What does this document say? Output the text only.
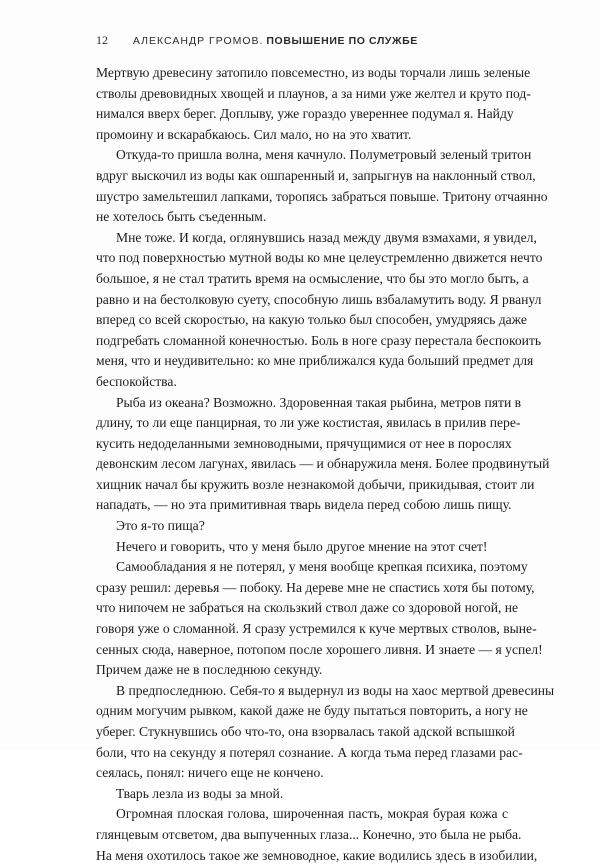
12 АЛЕКСАНДР ГРОМОВ. ПОВЫШЕНИЕ ПО СЛУЖБЕ
Мертвую древесину затопило повсеместно, из воды торчали лишь зеленые
стволы древовидных хвощей и плаунов, а за ними уже желтел и круто под-
нимался вверх берег. Доплыву, уже гораздо увереннее подумал я. Найду
промоину и вскарабкаюсь. Сил мало, но на это хватит.
Откуда-то пришла волна, меня качнуло. Полуметровый зеленый тритон
вдруг выскочил из воды как ошпаренный и, запрыгнув на наклонный ствол,
шустро замельтешил лапками, торопясь забраться повыше. Тритону отчаянно
не хотелось быть съеденным.
Мне тоже. И когда, оглянувшись назад между двумя взмахами, я увидел,
что под поверхностью мутной воды ко мне целеустремленно движется нечто
большое, я не стал тратить время на осмысление, что бы это могло быть, а
равно и на бестолковую суету, способную лишь взбаламутить воду. Я рванул
вперед со всей скоростью, на какую только был способен, умудряясь даже
подгребать сломанной конечностью. Боль в ноге сразу перестала беспокоить
меня, что и неудивительно: ко мне приближался куда больший предмет для
беспокойства.
Рыба из океана? Возможно. Здоровенная такая рыбина, метров пяти в
длину, то ли еще панцирная, то ли уже костистая, явилась в прилив пере-
кусить недоделанными земноводными, прячущимися от нее в порослях
девонским лесом лагунах, явилась — и обнаружила меня. Более продвинутый
хищник начал бы кружить возле незнакомой добычи, прикидывая, стоит ли
нападать, — но эта примитивная тварь видела перед собою лишь пищу.
Это я-то пища?
Нечего и говорить, что у меня было другое мнение на этот счет!
Самообладания я не потерял, у меня вообще крепкая психика, поэтому
сразу решил: деревья — побоку. На дереве мне не спастись хотя бы потому,
что нипочем не забраться на скользкий ствол даже со здоровой ногой, не
говоря уже о сломанной. Я сразу устремился к куче мертвых стволов, выне-
сенных сюда, наверное, потопом после хорошего ливня. И знаете — я успел!
Причем даже не в последнюю секунду.
В предпоследнюю. Себя-то я выдернул из воды на хаос мертвой древесины
одним могучим рывком, какой даже не буду пытаться повторить, а ногу не
уберег. Стукнувшись обо что-то, она взорвалась такой адской вспышкой
боли, что на секунду я потерял сознание. А когда тьма перед глазами рас-
сеялась, понял: ничего еще не кончено.
Тварь лезла из воды за мной.
Огромная плоская голова, широченная пасть, мокрая бурая кожа с
глянцевым отсветом, два выпученных глаза... Конечно, это была не рыба.
На меня охотилось такое же земноводное, какие водились здесь в изобилии,
